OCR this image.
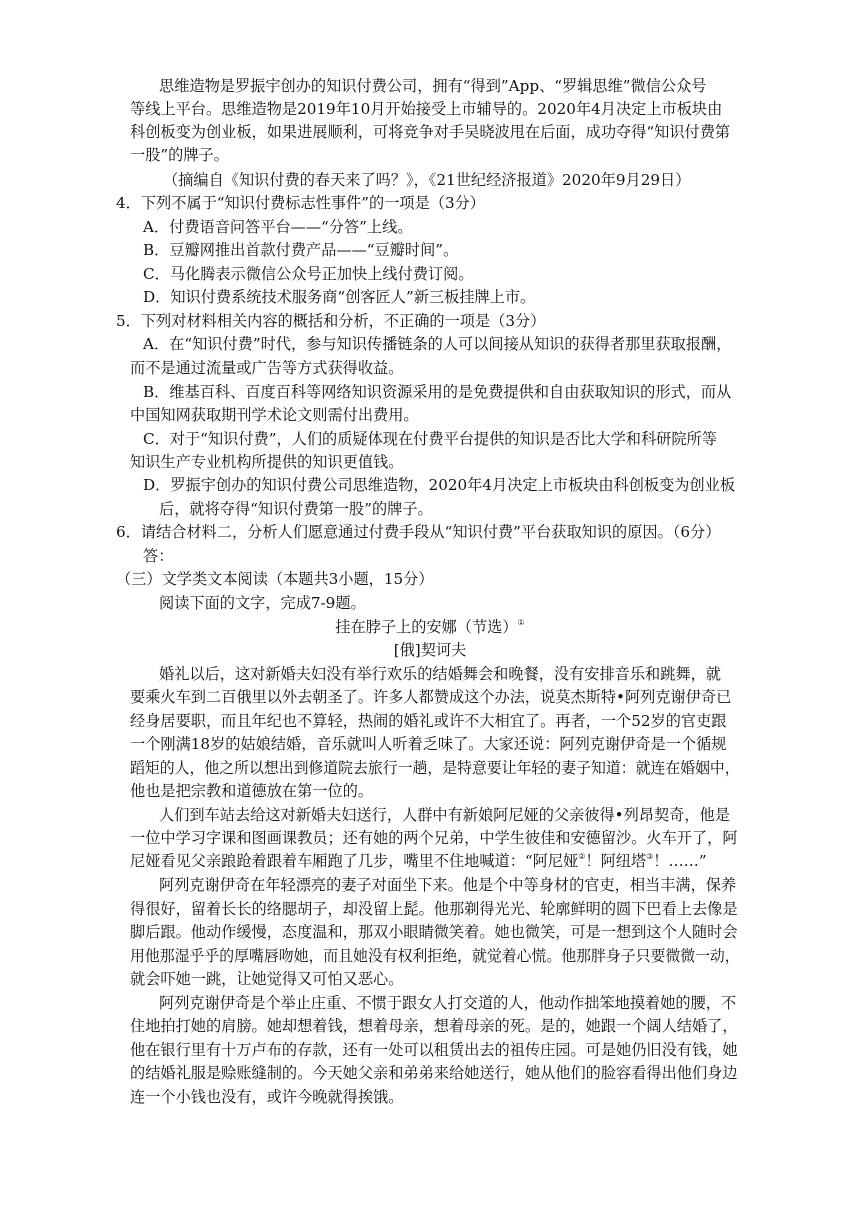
思维造物是罗振宇创办的知识付费公司，拥有“得到”App、“罗辑思维”微信公众号
等线上平台。思维造物是2019年10月开始接受上市辅导的。2020年4月决定上市板块由
科创板变为创业板，如果进展顺利，可将竞争对手吴晓波甩在后面，成功夺得“知识付费第
一股”的牌子。
（摘编自《知识付费的春天来了吗？》，《21世纪经济报道》2020年9月29日）
4．下列不属于“知识付费标志性事件”的一项是（3分）
A．付费语音问答平台——“分答”上线。
B．豆瓣网推出首款付费产品——“豆瓣时间”。
C．马化腾表示微信公众号正加快上线付费订阅。
D．知识付费系统技术服务商“创客匠人”新三板挂牌上市。
5．下列对材料相关内容的概括和分析，不正确的一项是（3分）
A．在“知识付费”时代，参与知识传播链条的人可以间接从知识的获得者那里获取报酬，
而不是通过流量或广告等方式获得收益。
B．维基百科、百度百科等网络知识资源采用的是免费提供和自由获取知识的形式，而从
中国知网获取期刊学术论文则需付出费用。
C．对于“知识付费”，人们的质疑体现在付费平台提供的知识是否比大学和科研院所等
知识生产专业机构所提供的知识更值钱。
D．罗振宇创办的知识付费公司思维造物，2020年4月决定上市板块由科创板变为创业板
后，就将夺得“知识付费第一股”的牌子。
6．请结合材料二，分析人们愿意通过付费手段从“知识付费”平台获取知识的原因。（6分）
答：
（三）文学类文本阅读（本题共3小题，15分）
阅读下面的文字，完成7-9题。
挂在脖子上的安娜（节选）①
[俄]契诃夫
婚礼以后，这对新婚夫妇没有举行欢乐的结婚舞会和晚餐，没有安排音乐和跳舞，就
要乘火车到二百俄里以外去朝圣了。许多人都赞成这个办法，说莫杰斯特•阿列克谢伊奇已
经身居要职，而且年纪也不算轻，热闹的婚礼或许不大相宜了。再者，一个52岁的官吏跟
一个刚满18岁的姑娘结婚，音乐就叫人听着乏味了。大家还说：阿列克谢伊奇是一个循规
蹈矩的人，他之所以想出到修道院去旅行一趟，是特意要让年轻的妻子知道：就连在婚姻中，
他也是把宗教和道德放在第一位的。
人们到车站去给这对新婚夫妇送行，人群中有新娘阿尼娅的父亲彼得•列昂契奇，他是
一位中学习字课和图画课教员；还有她的两个兄弟，中学生彼佳和安德留沙。火车开了，阿
尼娅看见父亲踉跄着跟着车厢跑了几步，嘴里不住地喊道：“阿尼娅②！阿纽塔③！……”
阿列克谢伊奇在年轻漂亮的妻子对面坐下来。他是个中等身材的官吏，相当丰满，保养
得很好，留着长长的络腮胡子，却没留上髭。他那剃得光光、轮廓鲜明的圆下巴看上去像是
脚后跟。他动作缓慢，态度温和，那双小眼睛微笑着。她也微笑，可是一想到这个人随时会
用他那湿乎乎的厚嘴唇吻她，而且她没有权利拒绝，就觉着心慌。他那胖身子只要微微一动，
就会吓她一跳，让她觉得又可怕又恶心。
阿列克谢伊奇是个举止庄重、不惯于跟女人打交道的人，他动作拙笨地摸着她的腰，不
住地拍打她的肩膀。她却想着钱，想着母亲，想着母亲的死。是的，她跟一个阔人结婚了，
他在银行里有十万卢布的存款，还有一处可以租赁出去的祖传庄园。可是她仍旧没有钱，她
的结婚礼服是赊账缝制的。今天她父亲和弟弟来给她送行，她从他们的脸容看得出他们身边
连一个小钱也没有，或许今晚就得挨饿。
